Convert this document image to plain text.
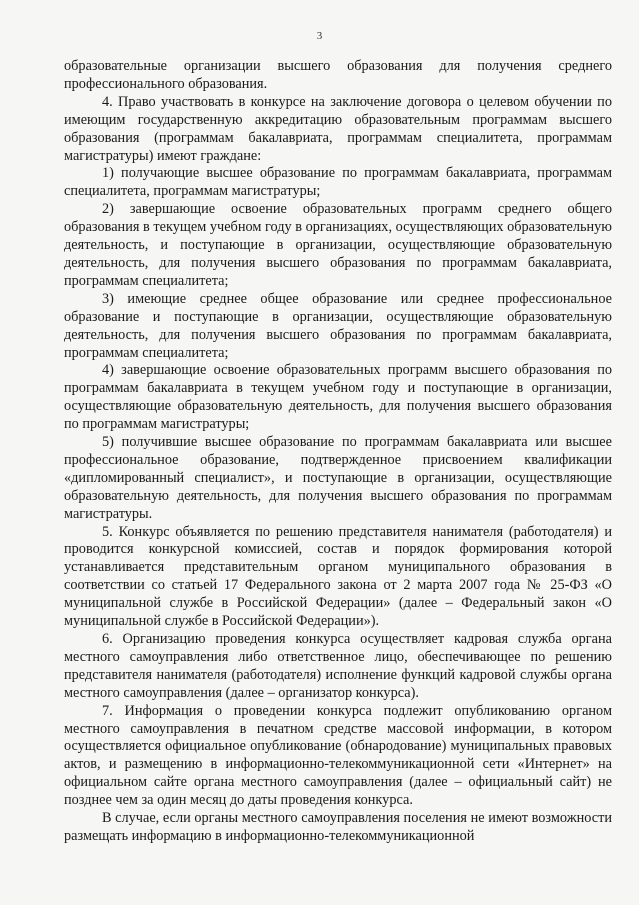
3

образовательные организации высшего образования для получения среднего профессионального образования.

4. Право участвовать в конкурсе на заключение договора о целевом обучении по имеющим государственную аккредитацию образовательным программам высшего образования (программам бакалавриата, программам специалитета, программам магистратуры) имеют граждане:

1) получающие высшее образование по программам бакалавриата, программам специалитета, программам магистратуры;

2) завершающие освоение образовательных программ среднего общего образования в текущем учебном году в организациях, осуществляющих образовательную деятельность, и поступающие в организации, осуществляющие образовательную деятельность, для получения высшего образования по программам бакалавриата, программам специалитета;

3) имеющие среднее общее образование или среднее профессиональное образование и поступающие в организации, осуществляющие образовательную деятельность, для получения высшего образования по программам бакалавриата, программам специалитета;

4) завершающие освоение образовательных программ высшего образования по программам бакалавриата в текущем учебном году и поступающие в организации, осуществляющие образовательную деятельность, для получения высшего образования по программам магистратуры;

5) получившие высшее образование по программам бакалавриата или высшее профессиональное образование, подтвержденное присвоением квалификации «дипломированный специалист», и поступающие в организации, осуществляющие образовательную деятельность, для получения высшего образования по программам магистратуры.

5. Конкурс объявляется по решению представителя нанимателя (работодателя) и проводится конкурсной комиссией, состав и порядок формирования которой устанавливается представительным органом муниципального образования в соответствии со статьей 17 Федерального закона от 2 марта 2007 года № 25-ФЗ «О муниципальной службе в Российской Федерации» (далее – Федеральный закон «О муниципальной службе в Российской Федерации»).

6. Организацию проведения конкурса осуществляет кадровая служба органа местного самоуправления либо ответственное лицо, обеспечивающее по решению представителя нанимателя (работодателя) исполнение функций кадровой службы органа местного самоуправления (далее – организатор конкурса).

7. Информация о проведении конкурса подлежит опубликованию органом местного самоуправления в печатном средстве массовой информации, в котором осуществляется официальное опубликование (обнародование) муниципальных правовых актов, и размещению в информационно-телекоммуникационной сети «Интернет» на официальном сайте органа местного самоуправления (далее – официальный сайт) не позднее чем за один месяц до даты проведения конкурса.

В случае, если органы местного самоуправления поселения не имеют возможности размещать информацию в информационно-телекоммуникационной
